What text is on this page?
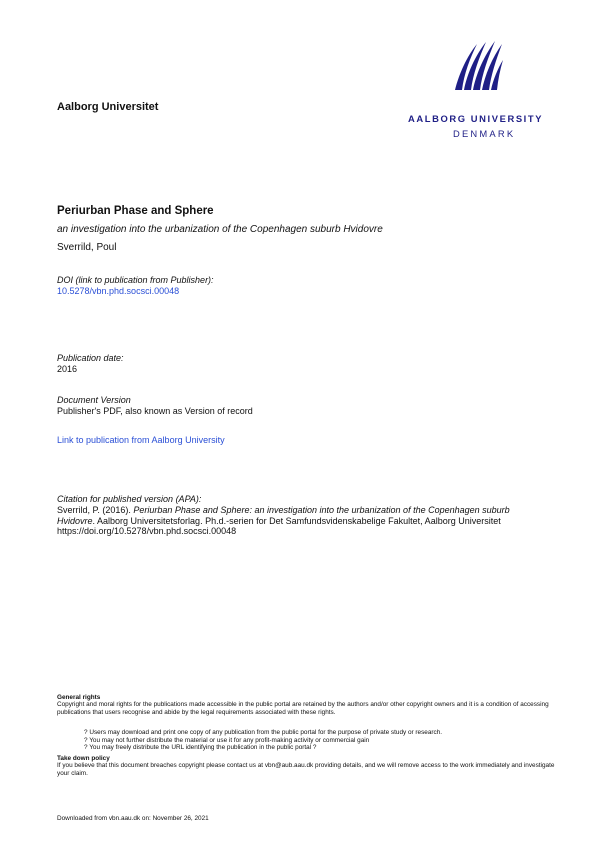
Aalborg Universitet
AALBORG UNIVERSITY
DENMARK
Periurban Phase and Sphere
an investigation into the urbanization of the Copenhagen suburb Hvidovre
Sverrild, Poul
DOI (link to publication from Publisher):
10.5278/vbn.phd.socsci.00048
Publication date:
2016
Document Version
Publisher's PDF, also known as Version of record
Link to publication from Aalborg University
Citation for published version (APA):
Sverrild, P. (2016). Periurban Phase and Sphere: an investigation into the urbanization of the Copenhagen suburb Hvidovre. Aalborg Universitetsforlag. Ph.d.-serien for Det Samfundsvidenskabelige Fakultet, Aalborg Universitet https://doi.org/10.5278/vbn.phd.socsci.00048
General rights
Copyright and moral rights for the publications made accessible in the public portal are retained by the authors and/or other copyright owners and it is a condition of accessing publications that users recognise and abide by the legal requirements associated with these rights.
? Users may download and print one copy of any publication from the public portal for the purpose of private study or research.
? You may not further distribute the material or use it for any profit-making activity or commercial gain
? You may freely distribute the URL identifying the publication in the public portal ?
Take down policy
If you believe that this document breaches copyright please contact us at vbn@aub.aau.dk providing details, and we will remove access to the work immediately and investigate your claim.
Downloaded from vbn.aau.dk on: November 26, 2021
